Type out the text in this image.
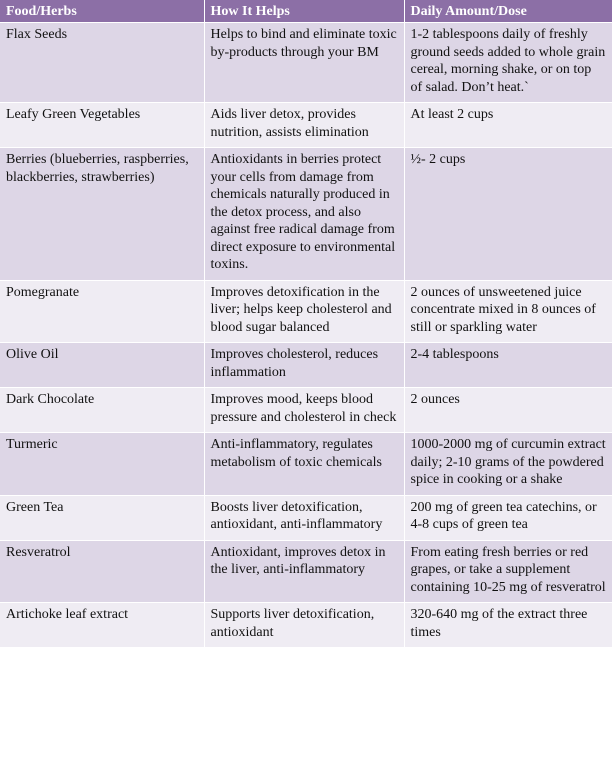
Food/Herbs	How It Helps	Daily Amount/Dose
Flax Seeds	Helps to bind and eliminate toxic by-products through your BM	1-2 tablespoons daily of freshly ground seeds added to whole grain cereal, morning shake, or on top of salad. Don’t heat.`
Leafy Green Vegetables	Aids liver detox, provides nutrition, assists elimination	At least 2 cups
Berries (blueberries, raspberries, blackberries, strawberries)	Antioxidants in berries protect your cells from damage from chemicals naturally produced in the detox process, and also against free radical damage from direct exposure to environmental toxins.	½- 2 cups
Pomegranate	Improves detoxification in the liver; helps keep cholesterol and blood sugar balanced	2 ounces of unsweetened juice concentrate mixed in 8 ounces of still or sparkling water
Olive Oil	Improves cholesterol, reduces inflammation	2-4 tablespoons
Dark Chocolate	Improves mood, keeps blood pressure and cholesterol in check	2 ounces
Turmeric	Anti-inflammatory, regulates metabolism of toxic chemicals	1000-2000 mg of curcumin extract daily; 2-10 grams of the powdered spice in cooking or a shake
Green Tea	Boosts liver detoxification, antioxidant, anti-inflammatory	200 mg of green tea catechins, or 4-8 cups of green tea
Resveratrol	Antioxidant, improves detox in the liver, anti-inflammatory	From eating fresh berries or red grapes, or take a supplement containing 10-25 mg of resveratrol
Artichoke leaf extract	Supports liver detoxification, antioxidant	320-640 mg of the extract three times
